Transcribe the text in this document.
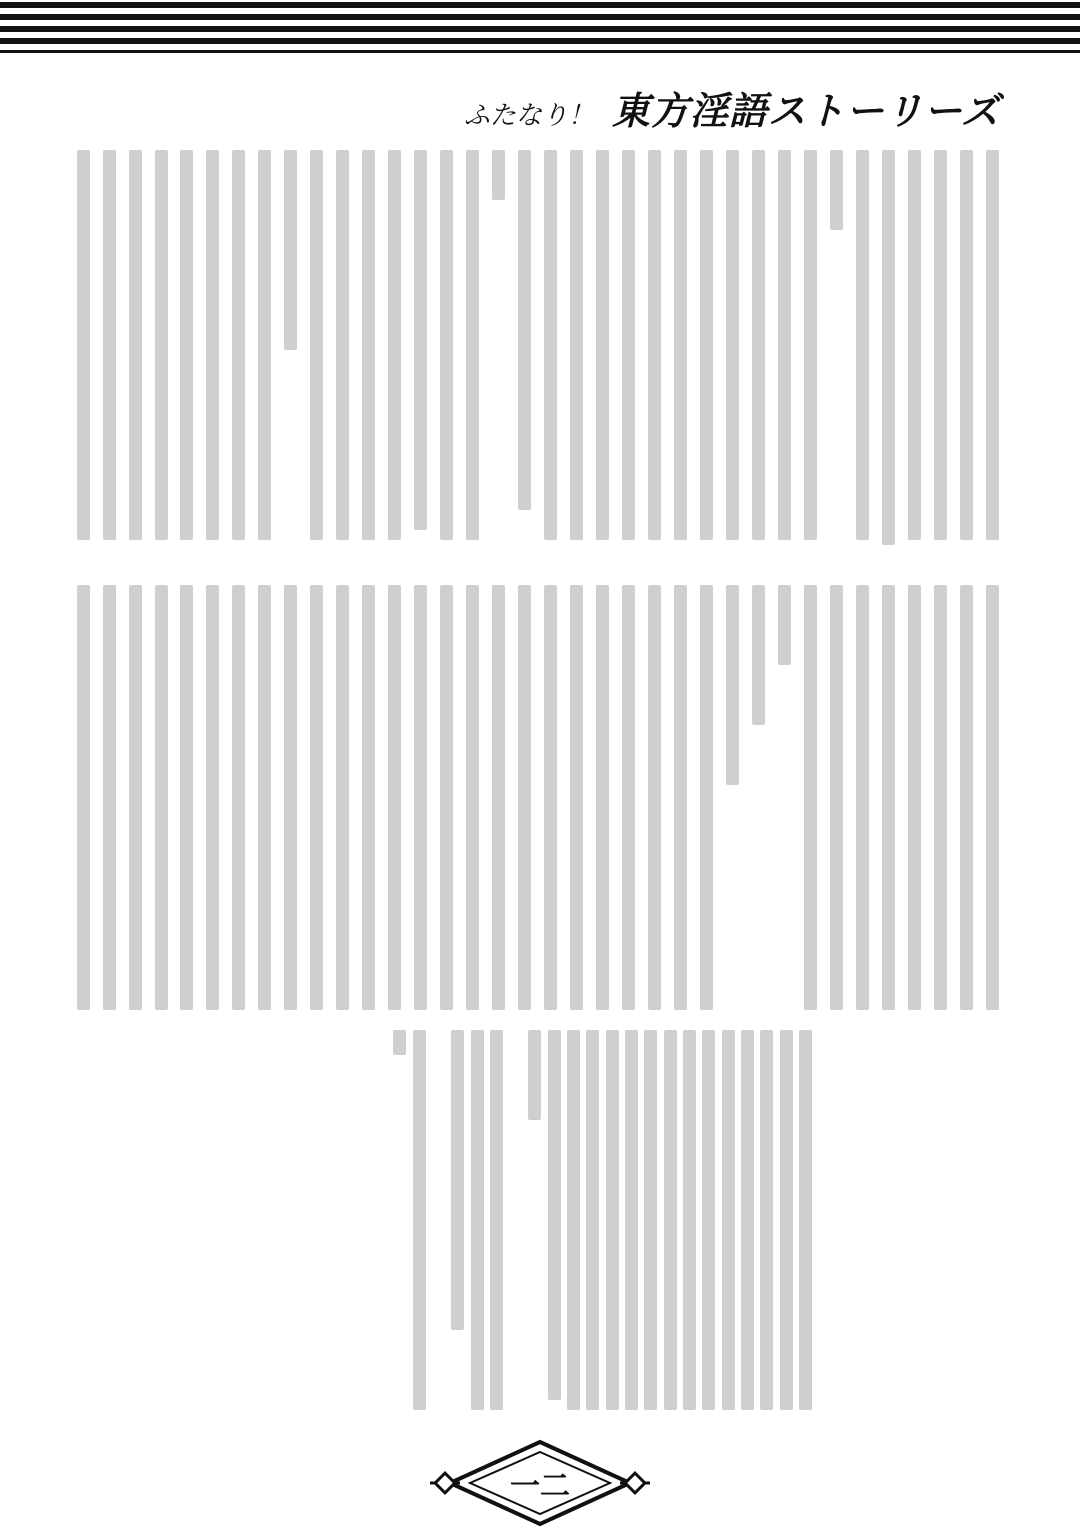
ふたなり！ 東方淫語ストーリーズ
一二
